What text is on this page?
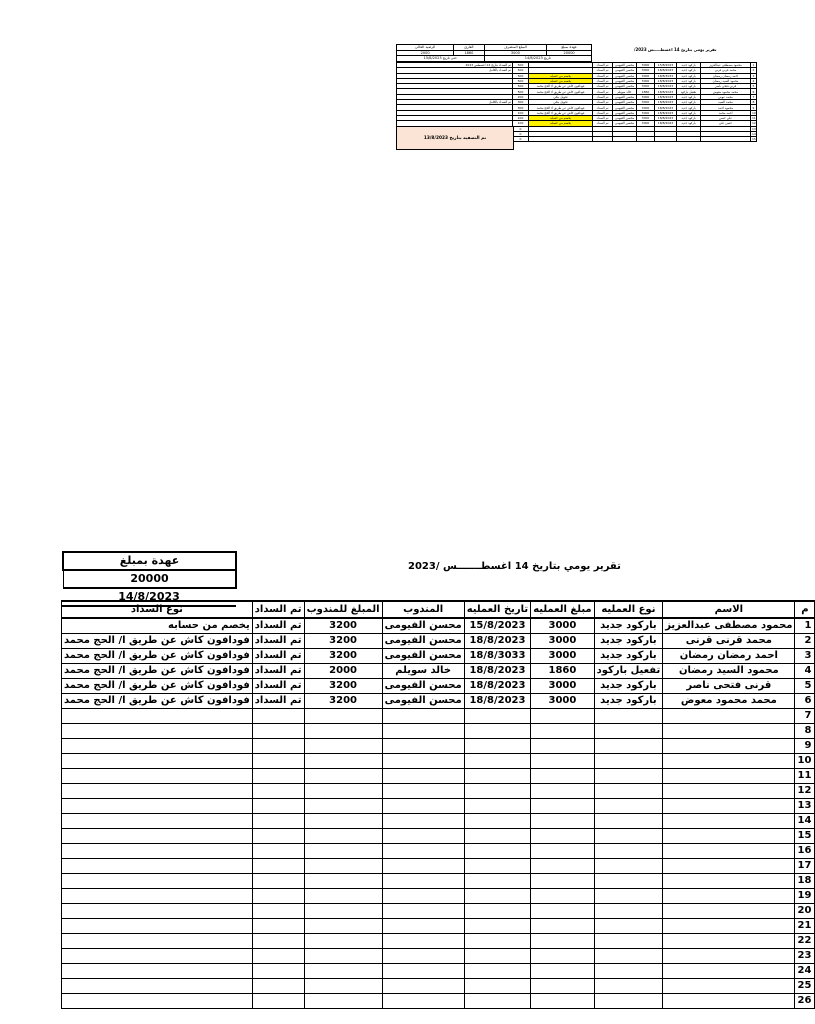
تقرير يومي بتاريخ 14 اغسطـــــس 2023/
الرصيد الحالي	الفارق	المبلغ المنصرف	عهدة بمبلغ
2000	1860	3000	20000
حتى تاريخ 15/8/2023		تاريخ 14/8/2023	
تم السداد بتاريخ 14 اغسطس 2023	500	
تم السداد بالكامل	500	
	500	يخصم من حسابه
	500	يخصم من حسابه
	500	فودافون كاش عن طريق ا/ الحج محمد
	500	فودافون كاش عن طريق ا/ الحج محمد
	200	تحويل بنكي
تم السداد بالكامل	300	تحويل بنكي
	300	فودافون كاش عن طريق ا/ الحج محمد
	100	فودافون كاش عن طريق ا/ الحج محمد
	100	يخصم من حسابه
	100	يخصم من حسابه
	0	
	0	
	0	
تم السداد	محسن الفيومى	3000	15/8/2023	باركود جديد	محمود مصطفى عبدالعزيز	1
تم السداد	محسن الفيومى	3000	18/8/2023	باركود جديد	محمد قرني قرني	2
تم السداد	محسن الفيومى	3000	18/8/3033	باركود جديد	احمد رمضان رمضان	3
تم السداد	محسن الفيومى	3000	18/8/2023	باركود جديد	محمود السيد رمضان	4
تم السداد	محسن الفيومى	3000	18/8/2023	باركود جديد	قرني فتحي ناصر	5
تم السداد	خالد سويلم	1860	18/8/2023	تفعيل باركود	محمد محمود معوض	6
تم السداد	محسن الفيومى	3000	18/8/2023	باركود جديد	محمد عوض	7
تم السداد	محسن الفيومى	3000	18/8/2023	باركود جديد	محمد السيد	8
تم السداد	محسن الفيومى	3000	18/8/2023	باركود جديد	محمود احمد	9
تم السداد	محسن الفيومى	3000	18/8/2023	باركود جديد	احمد محمد	10
تم السداد	محسن الفيومى	3000	18/8/2023	باركود جديد	علي حسن	11
تم السداد	محسن الفيومى	3000	18/8/2023	باركود جديد	حسن علي	12
						13
						14
						15
تم التصفيه بتاريخ 13/8/2023
عهدة بمبلغ
20000
14/8/2023
تقرير يومي بتاريخ 14 اغسطـــــــس /2023
نوع السداد	تم السداد	المبلغ للمندوب	المندوب	تاريخ العمليه	مبلغ العمليه	نوع العمليه	الاسم	م
يخصم من حسابه	تم السداد	3200	محسن الفيومى	15/8/2023	3000	باركود جديد	محمود مصطفى عبدالعزيز	1
فودافون كاش عن طريق ا/ الحج محمد	تم السداد	3200	محسن الفيومى	18/8/2023	3000	باركود جديد	محمد قرنى قرنى	2
فودافون كاش عن طريق ا/ الحج محمد	تم السداد	3200	محسن الفيومى	18/8/3033	3000	باركود جديد	احمد رمضان رمضان	3
فودافون كاش عن طريق ا/ الحج محمد	تم السداد	2000	خالد سويلم	18/8/2023	1860	تفعيل باركود	محمود السيد رمضان	4
فودافون كاش عن طريق ا/ الحج محمد	تم السداد	3200	محسن الفيومى	18/8/2023	3000	باركود جديد	قرنى فتحى ناصر	5
فودافون كاش عن طريق ا/ الحج محمد	تم السداد	3200	محسن الفيومى	18/8/2023	3000	باركود جديد	محمد محمود معوض	6
								7
								8
								9
								10
								11
								12
								13
								14
								15
								16
								17
								18
								19
								20
								21
								22
								23
								24
								25
								26
